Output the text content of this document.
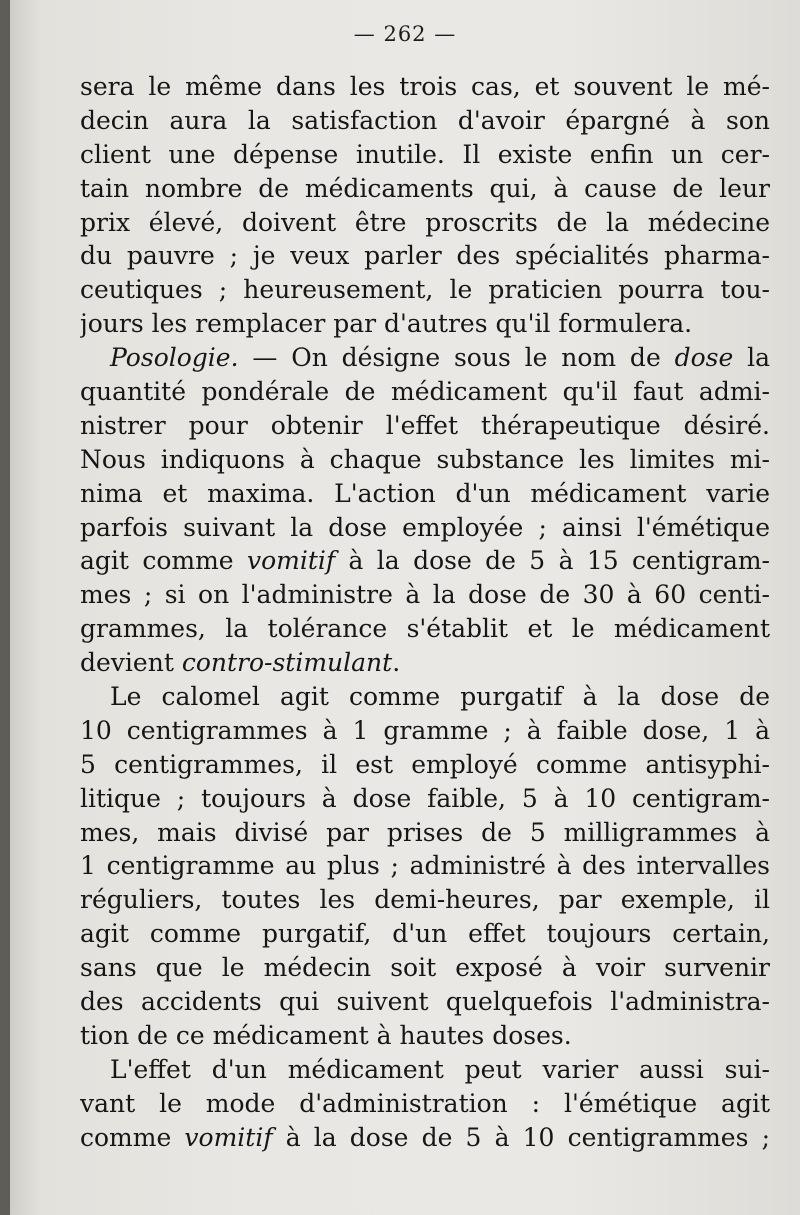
— 262 —
sera le même dans les trois cas, et souvent le mé-
decin aura la satisfaction d'avoir épargné à son
client une dépense inutile. Il existe enfin un cer-
tain nombre de médicaments qui, à cause de leur
prix élevé, doivent être proscrits de la médecine
du pauvre ; je veux parler des spécialités pharma-
ceutiques ; heureusement, le praticien pourra tou-
jours les remplacer par d'autres qu'il formulera.
Posologie. — On désigne sous le nom de dose la
quantité pondérale de médicament qu'il faut admi-
nistrer pour obtenir l'effet thérapeutique désiré.
Nous indiquons à chaque substance les limites mi-
nima et maxima. L'action d'un médicament varie
parfois suivant la dose employée ; ainsi l'émétique
agit comme vomitif à la dose de 5 à 15 centigram-
mes ; si on l'administre à la dose de 30 à 60 centi-
grammes, la tolérance s'établit et le médicament
devient contro-stimulant.
Le calomel agit comme purgatif à la dose de
10 centigrammes à 1 gramme ; à faible dose, 1 à
5 centigrammes, il est employé comme antisyphi-
litique ; toujours à dose faible, 5 à 10 centigram-
mes, mais divisé par prises de 5 milligrammes à
1 centigramme au plus ; administré à des intervalles
réguliers, toutes les demi-heures, par exemple, il
agit comme purgatif, d'un effet toujours certain,
sans que le médecin soit exposé à voir survenir
des accidents qui suivent quelquefois l'administra-
tion de ce médicament à hautes doses.
L'effet d'un médicament peut varier aussi sui-
vant le mode d'administration : l'émétique agit
comme vomitif à la dose de 5 à 10 centigrammes ;
